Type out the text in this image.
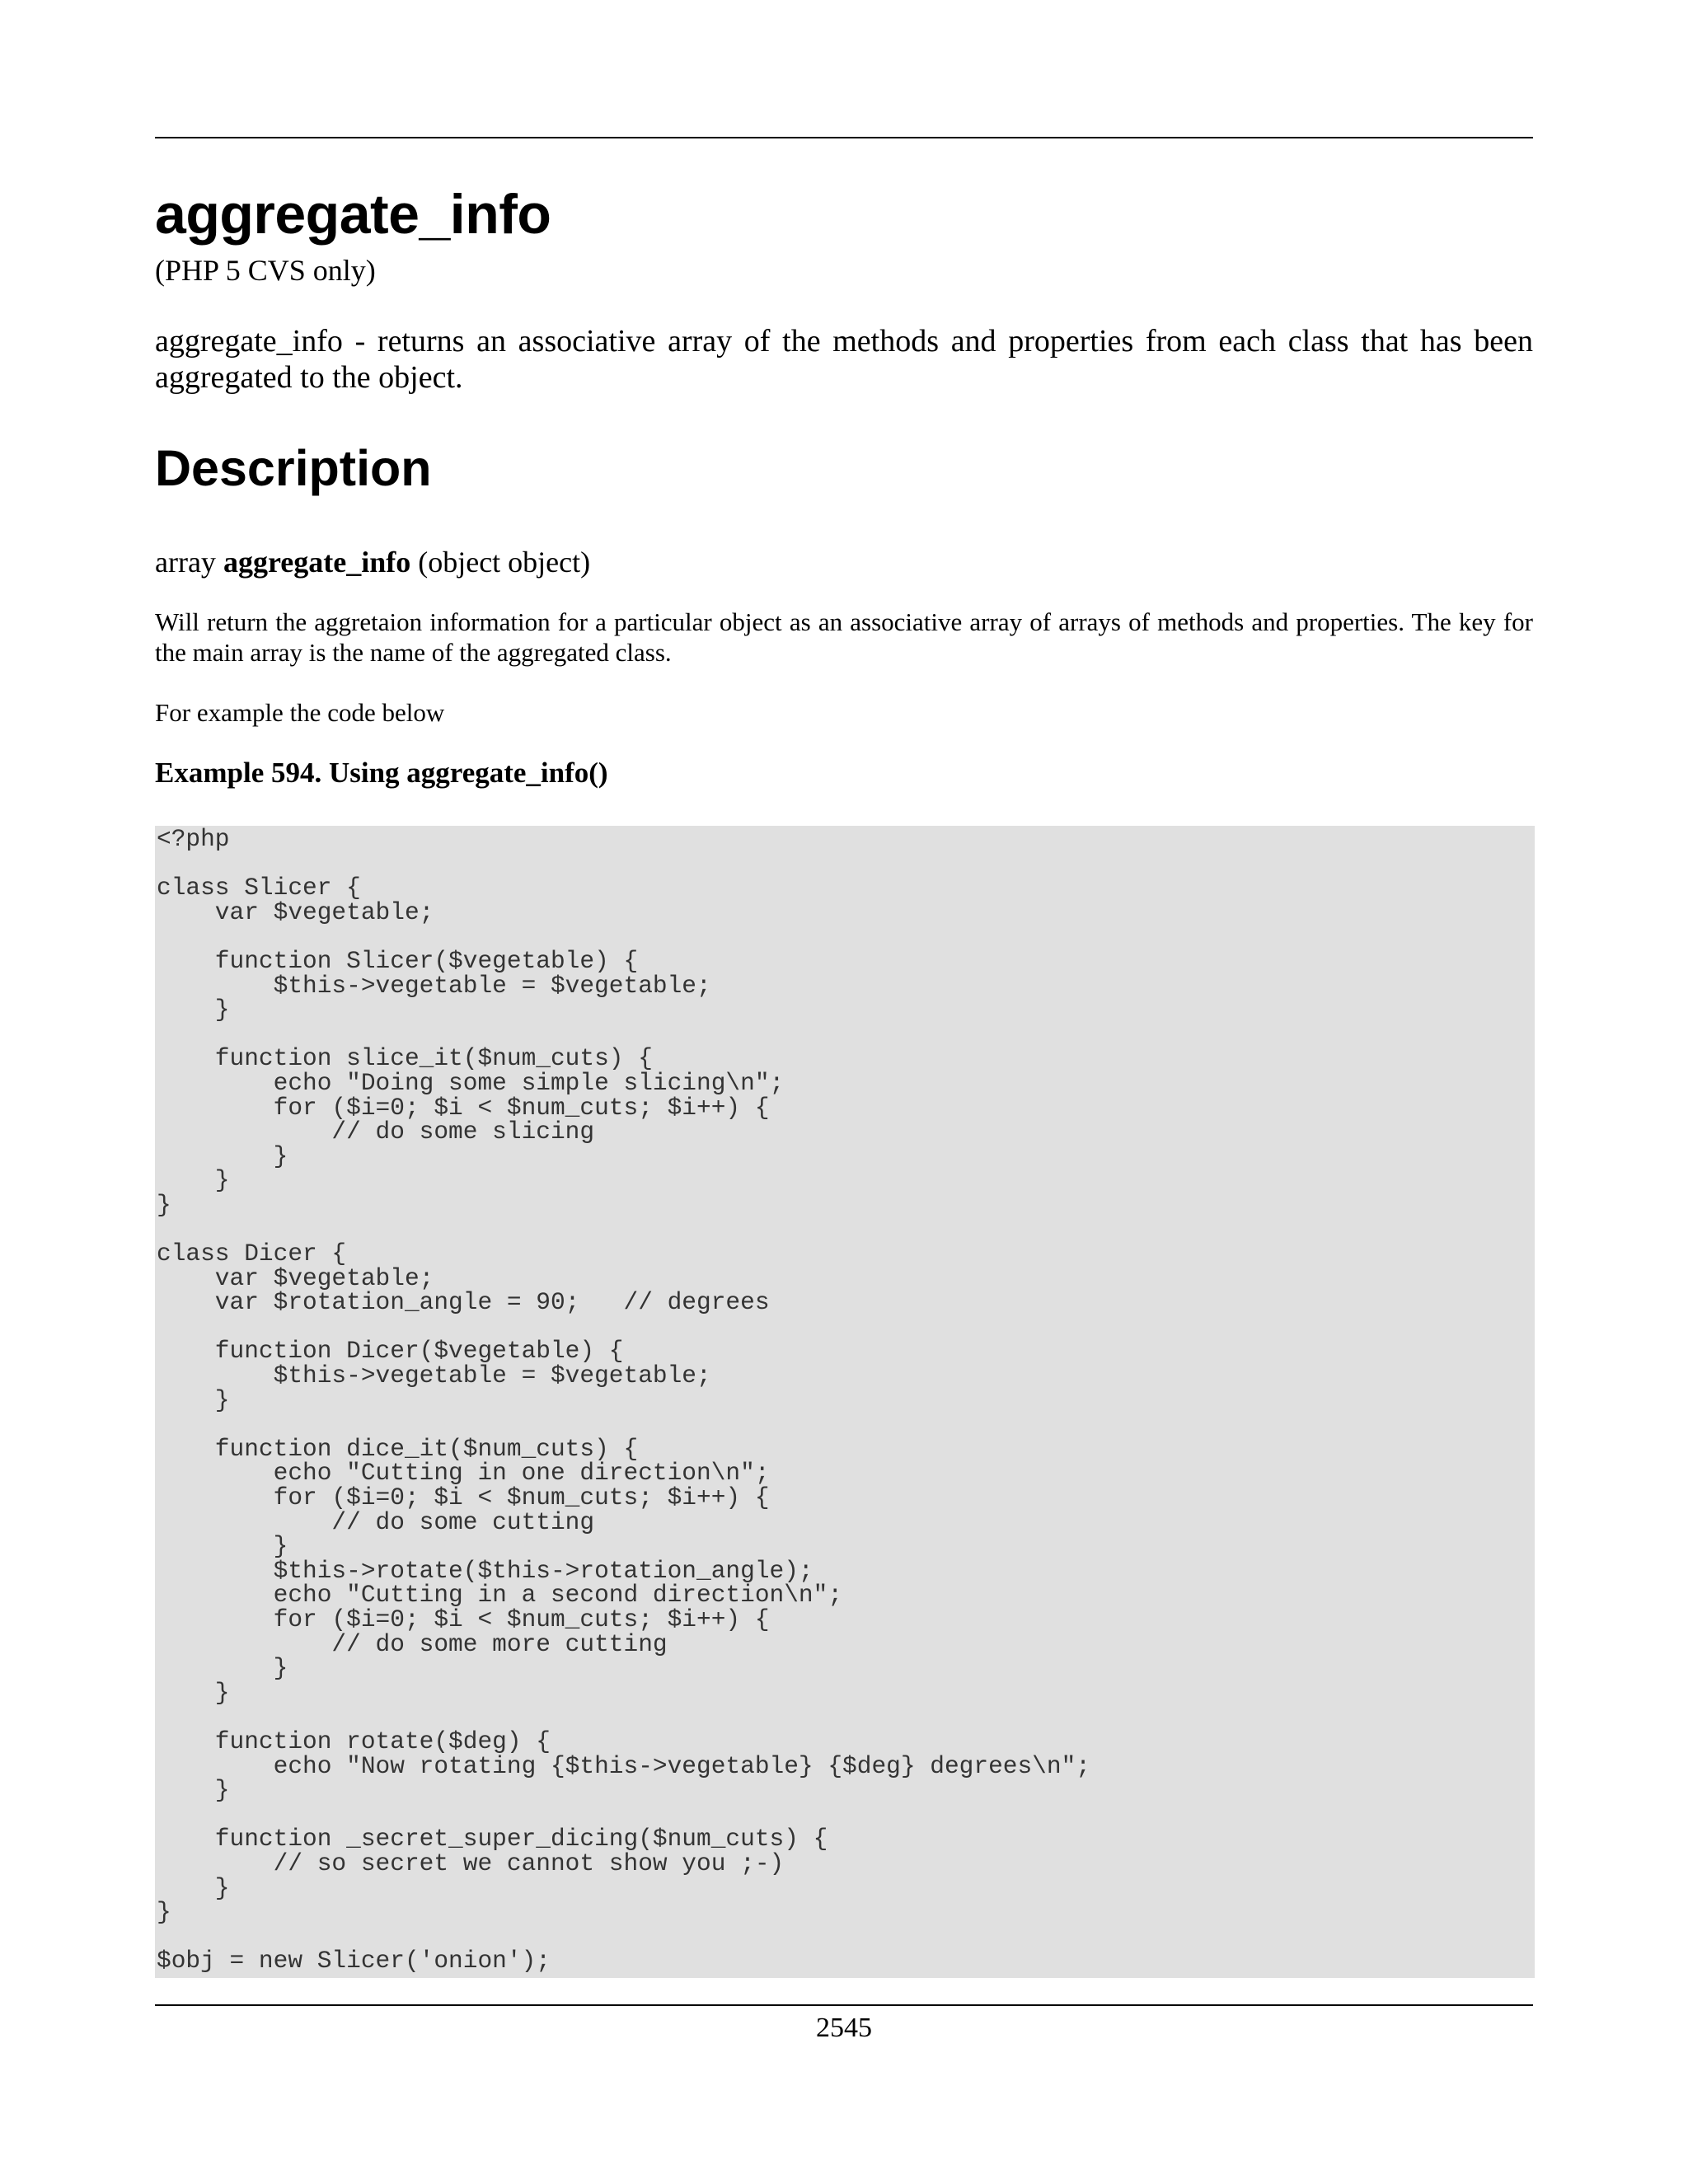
aggregate_info
(PHP 5 CVS only)

aggregate_info - returns an associative array of the methods and properties from each class that has been aggregated to the object.

Description
array aggregate_info (object object)

Will return the aggretaion information for a particular object as an associative array of arrays of methods and properties. The key for the main array is the name of the aggregated class.

For example the code below

Example 594. Using aggregate_info()
<?php

class Slicer {
var $vegetable;

function Slicer($vegetable) {
$this->vegetable = $vegetable;
}

function slice_it($num_cuts) {
echo "Doing some simple slicing\n";
for ($i=0; $i < $num_cuts; $i++) {
// do some slicing
}
}
}

class Dicer {
var $vegetable;
var $rotation_angle = 90;   // degrees

function Dicer($vegetable) {
$this->vegetable = $vegetable;
}

function dice_it($num_cuts) {
echo "Cutting in one direction\n";
for ($i=0; $i < $num_cuts; $i++) {
// do some cutting
}
$this->rotate($this->rotation_angle);
echo "Cutting in a second direction\n";
for ($i=0; $i < $num_cuts; $i++) {
// do some more cutting
}
}

function rotate($deg) {
echo "Now rotating {$this->vegetable} {$deg} degrees\n";
}

function _secret_super_dicing($num_cuts) {
// so secret we cannot show you ;-)
}
}

$obj = new Slicer('onion');
2545
